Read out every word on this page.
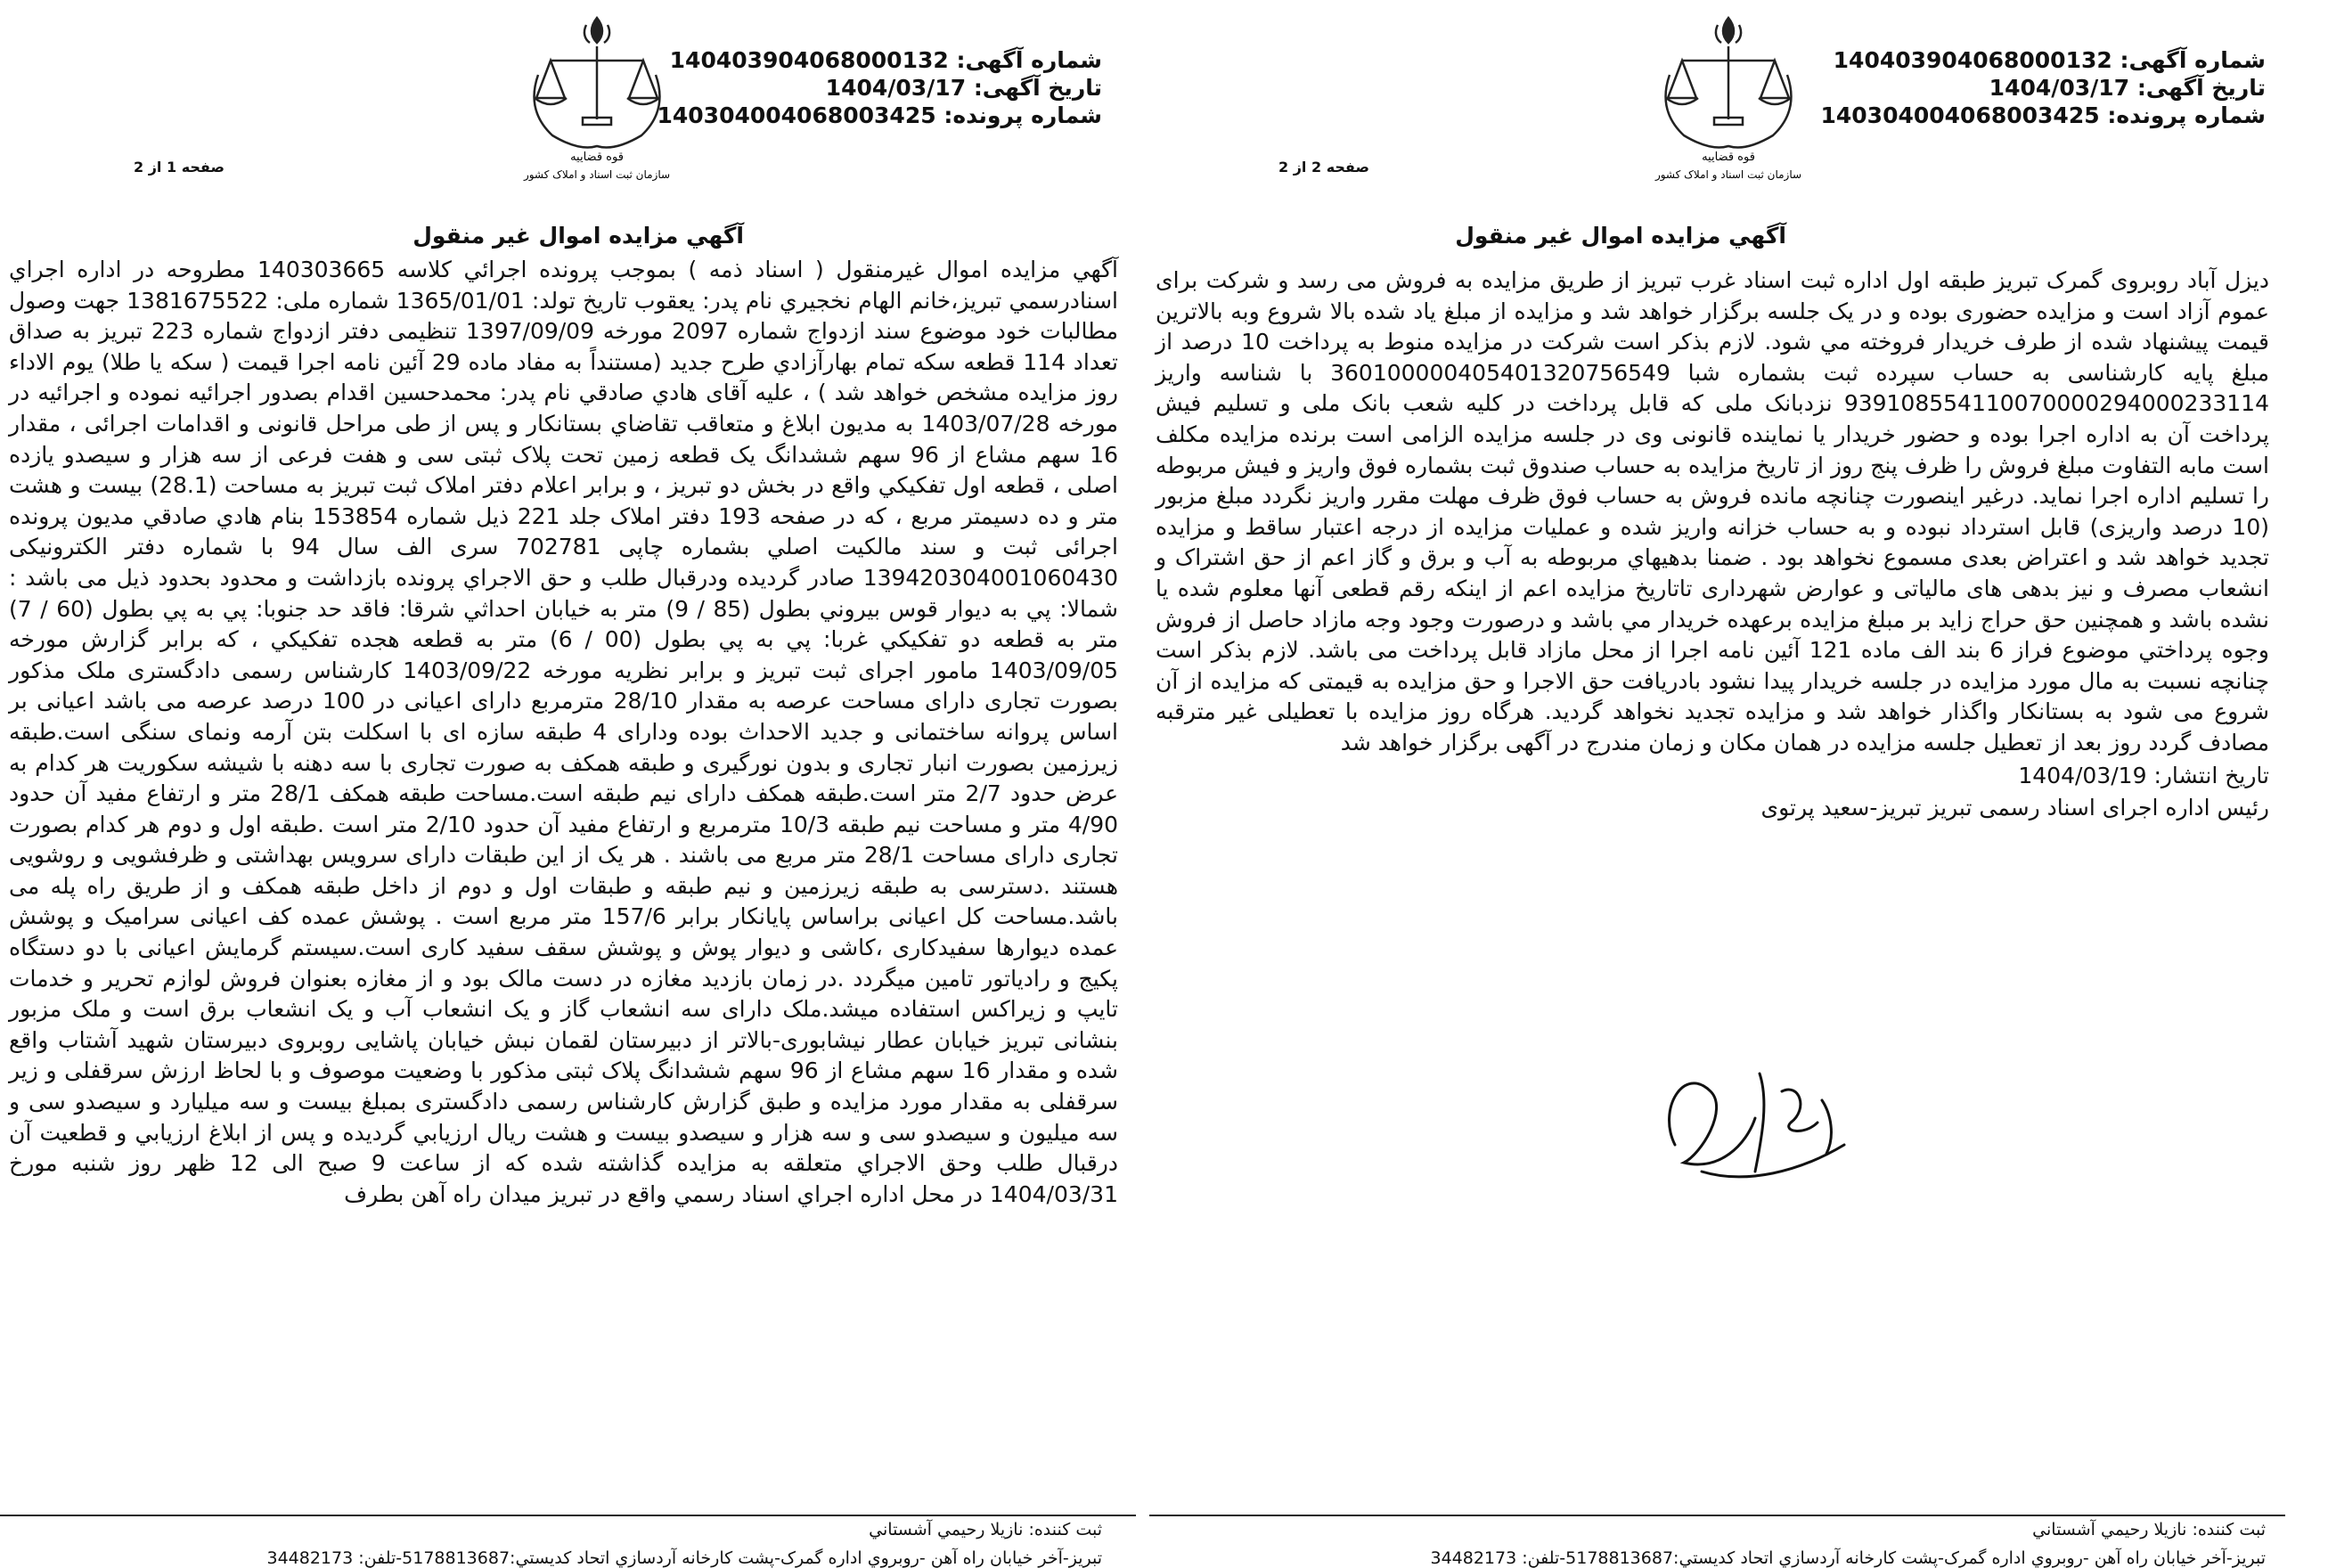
شماره آگهی: 140403904068000132
تاریخ آگهی: 1404/03/17
شماره پرونده: 140304004068003425
قوه قضاييه
سازمان ثبت اسناد و املاک کشور
صفحه 1 از 2
آگهي مزايده اموال غير منقول

آگهي مزايده اموال غيرمنقول ( اسناد ذمه ) بموجب پرونده اجرائي كلاسه 140303665 مطروحه در اداره اجراي اسنادرسمي تبريز،خانم الهام نخجيري نام پدر: يعقوب تاريخ تولد: 1365/01/01 شماره ملی: 1381675522 جهت وصول مطالبات خود موضوع سند ازدواج شماره 2097 مورخه 1397/09/09 تنظيمی دفتر ازدواج شماره 223 تبريز به صداق تعداد 114 قطعه سكه تمام بهارآزادي طرح جديد (مستنداً به مفاد ماده 29 آئين نامه اجرا قيمت ( سكه يا طلا) يوم الاداء روز مزايده مشخص خواهد شد ) ، عليه آقای هادي صادقي نام پدر: محمدحسين اقدام بصدور اجرائيه نموده و اجرائيه در مورخه 1403/07/28 به مديون ابلاغ و متعاقب تقاضاي بستانكار و پس از طی مراحل قانونی و اقدامات اجرائی ، مقدار 16 سهم مشاع از 96 سهم ششدانگ يک قطعه زمين تحت پلاک ثبتی سی و هفت فرعی از سه هزار و سيصدو يازده اصلی ، قطعه اول تفکيکي واقع در بخش دو تبريز ، و برابر اعلام دفتر املاک ثبت تبريز به مساحت (28.1) بيست و هشت متر و ده دسيمتر مربع ، که در صفحه 193 دفتر املاک جلد 221 ذيل شماره 153854 بنام هادي صادقي مديون پرونده اجرائی ثبت و سند مالکيت اصلي بشماره چاپی 702781 سری الف سال 94 با شماره دفتر الکترونيکی 139420304001060430 صادر گرديده ودرقبال طلب و حق الاجراي پرونده بازداشت و محدود بحدود ذيل می باشد : شمالا: پي به ديوار قوس بيروني بطول (85 / 9) متر به خيابان احداثي شرقا: فاقد حد جنوبا: پي به پي بطول (60 / 7) متر به قطعه دو تفکيکي غربا: پي به پي بطول (00 / 6) متر به قطعه هجده تفکيکي ، که برابر گزارش مورخه 1403/09/05 مامور اجرای ثبت تبريز و برابر نظريه مورخه 1403/09/22 کارشناس رسمی دادگستری ملک مذکور بصورت تجاری دارای مساحت عرصه به مقدار 28/10 مترمربع دارای اعيانی در 100 درصد عرصه می باشد اعيانی بر اساس پروانه ساختمانی و جديد الاحداث بوده ودارای 4 طبقه سازه ای با اسکلت بتن آرمه ونمای سنگی است.طبقه زيرزمين بصورت انبار تجاری و بدون نورگيری و طبقه همکف به صورت تجاری با سه دهنه با شيشه سکوريت هر کدام به عرض حدود 2/7 متر است.طبقه همکف دارای نيم طبقه است.مساحت طبقه همکف 28/1 متر و ارتفاع مفيد آن حدود 4/90 متر و مساحت نيم طبقه 10/3 مترمربع و ارتفاع مفيد آن حدود 2/10 متر است .طبقه اول و دوم هر کدام بصورت تجاری دارای مساحت 28/1 متر مربع می باشند . هر يک از اين طبقات دارای سرويس بهداشتی و ظرفشويی و روشويی هستند .دسترسی به طبقه زيرزمين و نيم طبقه و طبقات اول و دوم از داخل طبقه همکف و از طريق راه پله می باشد.مساحت کل اعيانی براساس پايانکار برابر 157/6 متر مربع است . پوشش عمده کف اعيانی سراميک و پوشش عمده ديوارها سفيدکاری ،کاشی و ديوار پوش و پوشش سقف سفيد کاری است.سيستم گرمايش اعيانی با دو دستگاه پکيج و رادياتور تامين ميگردد .در زمان بازديد مغازه در دست مالک بود و از مغازه بعنوان فروش لوازم تحرير و خدمات تايپ و زيراکس استفاده ميشد.ملک دارای سه انشعاب گاز و يک انشعاب آب و يک انشعاب برق است و ملک مزبور بنشانی تبريز خيابان عطار نيشابوری-بالاتر از دبيرستان لقمان نبش خيابان پاشايی روبروی دبيرستان شهيد آشتاب واقع شده و مقدار 16 سهم مشاع از 96 سهم ششدانگ پلاک ثبتی مذکور با وضعيت موصوف و با لحاظ ارزش سرقفلی و زير سرقفلی به مقدار مورد مزايده و طبق گزارش کارشناس رسمی دادگستری بمبلغ بيست و سه ميليارد و سيصدو سی و سه ميليون و سيصدو سی و سه هزار و سيصدو بيست و هشت ريال ارزيابي گرديده و پس از ابلاغ ارزيابي و قطعيت آن درقبال طلب وحق الاجراي متعلقه به مزايده گذاشته شده که از ساعت 9 صبح الی 12 ظهر روز شنبه مورخ 1404/03/31 در محل اداره اجراي اسناد رسمي واقع در تبريز ميدان راه آهن بطرف

ثبت کننده: نازيلا رحيمي آشستاني
تبریز-آخر خیابان راه آهن -روبروي اداره گمرک-پشت کارخانه آردسازي اتحاد کديستي:5178813687-تلفن: 34482173
شماره آگهی: 140403904068000132
تاریخ آگهی: 1404/03/17
شماره پرونده: 140304004068003425
قوه قضاييه
سازمان ثبت اسناد و املاک کشور
صفحه 2 از 2
آگهي مزايده اموال غير منقول

ديزل آباد روبروی گمرک تبريز طبقه اول اداره ثبت اسناد غرب تبريز از طريق مزايده به فروش می رسد و شرکت برای عموم آزاد است و مزايده حضوری بوده و در يک جلسه برگزار خواهد شد و مزايده از مبلغ ياد شده بالا شروع وبه بالاترين قيمت پيشنهاد شده از طرف خريدار فروخته مي شود. لازم بذكر است شركت در مزايده منوط به پرداخت 10 درصد از مبلغ پايه کارشناسی به حساب سپرده ثبت بشماره شبا 360100000405401320756549 با شناسه واريز 939108554110070000294000233114 نزدبانک ملی که قابل پرداخت در كليه شعب بانک ملی و تسليم فيش پرداخت آن به اداره اجرا بوده و حضور خريدار يا نماينده قانونی وی در جلسه مزايده الزامی است برنده مزايده مکلف است مابه التفاوت مبلغ فروش را ظرف پنج روز از تاريخ مزايده به حساب صندوق ثبت بشماره فوق واريز و فيش مربوطه را تسليم اداره اجرا نمايد. درغير اينصورت چنانچه مانده فروش به حساب فوق ظرف مهلت مقرر واريز نگردد مبلغ مزبور (10 درصد واريزی) قابل استرداد نبوده و به حساب خزانه واريز شده و عمليات مزايده از درجه اعتبار ساقط و مزايده تجديد خواهد شد و اعتراض بعدی مسموع نخواهد بود . ضمنا بدهيهاي مربوطه به آب و برق و گاز اعم از حق اشتراک و انشعاب مصرف و نيز بدهی های مالياتی و عوارض شهرداری تاتاريخ مزايده اعم از اينکه رقم قطعی آنها معلوم شده يا نشده باشد و همچنين حق حراج زايد بر مبلغ مزايده برعهده خريدار مي باشد و درصورت وجود وجه مازاد حاصل از فروش وجوه پرداختي موضوع فراز 6 بند الف ماده 121 آئين نامه اجرا از محل مازاد قابل پرداخت می باشد. لازم بذكر است چنانچه نسبت به مال مورد مزايده در جلسه خريدار پيدا نشود بادريافت حق الاجرا و حق مزايده به قيمتی که مزايده از آن شروع می شود به بستانکار واگذار خواهد شد و مزايده تجديد نخواهد گرديد. هرگاه روز مزايده با تعطيلی غير مترقبه مصادف گردد روز بعد از تعطيل جلسه مزايده در همان مکان و زمان مندرج در آگهی برگزار خواهد شد

تاريخ انتشار: 1404/03/19
رئيس اداره اجرای اسناد رسمی تبريز تبريز-سعيد پرتوی
ثبت کننده: نازيلا رحيمي آشستاني
تبریز-آخر خیابان راه آهن -روبروي اداره گمرک-پشت کارخانه آردسازي اتحاد کديستي:5178813687-تلفن: 34482173
